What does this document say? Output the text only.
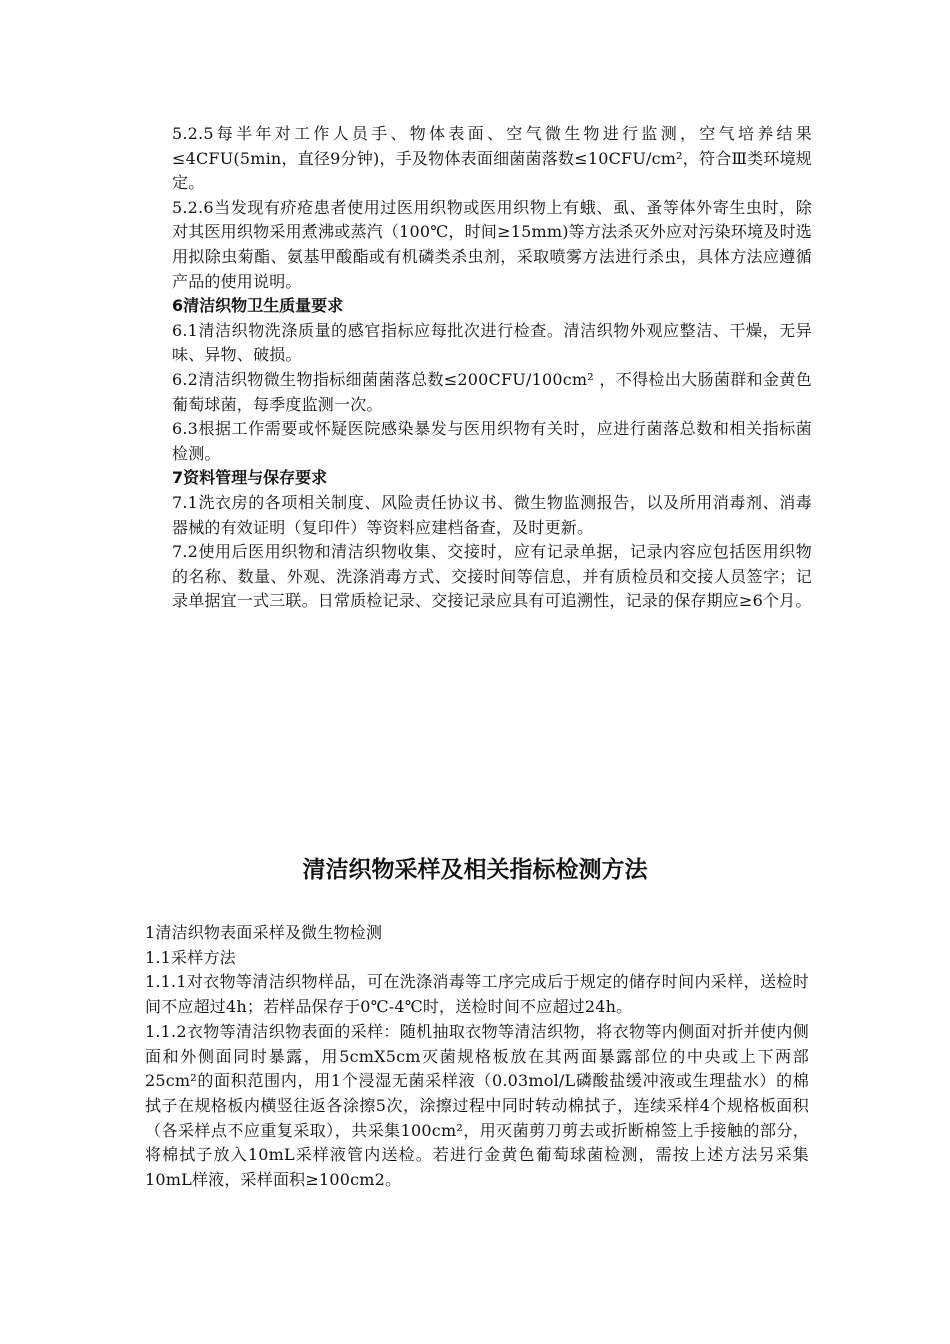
5.2.5每半年对工作人员手、物体表面、空气微生物进行监测，空气培养结果≤4CFU(5min，直径9分钟)，手及物体表面细菌菌落数≤10CFU/cm²，符合Ⅲ类环境规定。

5.2.6当发现有疥疮患者使用过医用织物或医用织物上有蛾、虱、蚤等体外寄生虫时，除对其医用织物采用煮沸或蒸汽（100℃，时间≥15mm)等方法杀灭外应对污染环境及时选用拟除虫菊酯、氨基甲酸酯或有机磷类杀虫剂，采取喷雾方法进行杀虫，具体方法应遵循产品的使用说明。

6清洁织物卫生质量要求

6.1清洁织物洗涤质量的感官指标应每批次进行检查。清洁织物外观应整洁、干燥，无异味、异物、破损。

6.2清洁织物微生物指标细菌菌落总数≤200CFU/100cm² ，不得检出大肠菌群和金黄色葡萄球菌，每季度监测一次。

6.3根据工作需要或怀疑医院感染暴发与医用织物有关时，应进行菌落总数和相关指标菌检测。

7资料管理与保存要求

7.1洗衣房的各项相关制度、风险责任协议书、微生物监测报告，以及所用消毒剂、消毒器械的有效证明（复印件）等资料应建档备查，及时更新。

7.2使用后医用织物和清洁织物收集、交接时，应有记录单据，记录内容应包括医用织物的名称、数量、外观、洗涤消毒方式、交接时间等信息，并有质检员和交接人员签字；记录单据宜一式三联。日常质检记录、交接记录应具有可追溯性，记录的保存期应≥6个月。

清洁织物采样及相关指标检测方法

1清洁织物表面采样及微生物检测

1.1采样方法

1.1.1对衣物等清洁织物样品，可在洗涤消毒等工序完成后于规定的储存时间内采样，送检时间不应超过4h；若样品保存于0℃-4℃时，送检时间不应超过24h。

1.1.2衣物等清洁织物表面的采样：随机抽取衣物等清洁织物，将衣物等内侧面对折并使内侧面和外侧面同时暴露，用5cmX5cm灭菌规格板放在其两面暴露部位的中央或上下两部25cm²的面积范围内，用1个浸湿无菌采样液（0.03mol/L磷酸盐缓冲液或生理盐水）的棉拭子在规格板内横竖往返各涂擦5次，涂擦过程中同时转动棉拭子，连续采样4个规格板面积（各采样点不应重复采取），共采集100cm²，用灭菌剪刀剪去或折断棉签上手接触的部分，将棉拭子放入10mL采样液管内送检。若进行金黄色葡萄球菌检测，需按上述方法另采集10mL样液，采样面积≥100cm2。
